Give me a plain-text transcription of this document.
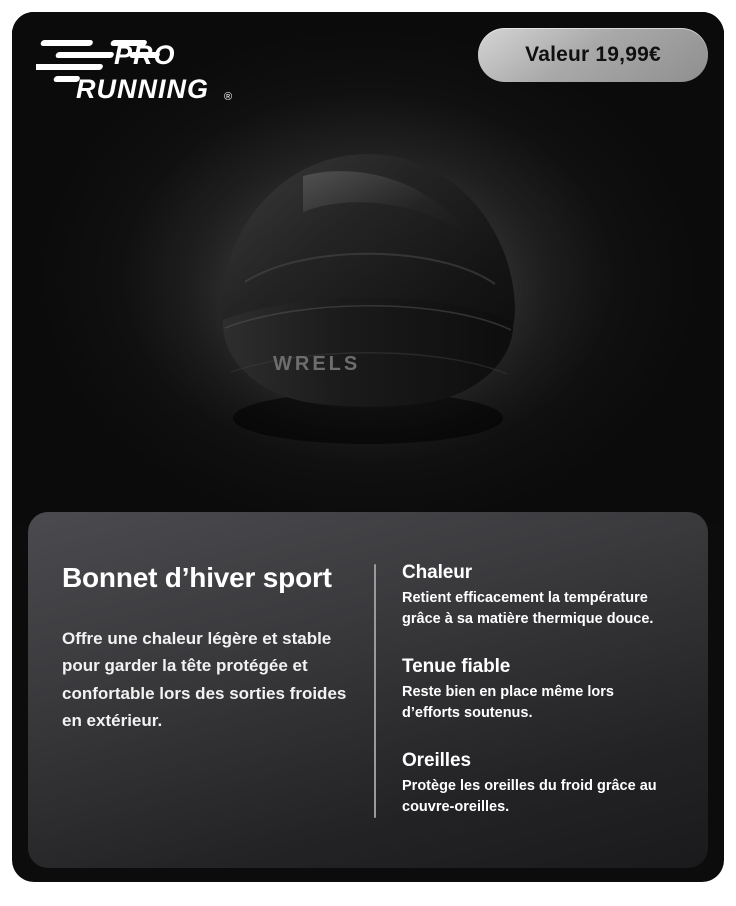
PRO
RUNNING ®
Valeur 19,99€
WRELS
Bonnet d’hiver sport

Offre une chaleur légère et stable pour garder la tête protégée et confortable lors des sorties froides en extérieur.

Chaleur

Retient efficacement la température grâce à sa matière thermique douce.

Tenue fiable

Reste bien en place même lors d’efforts soutenus.

Oreilles

Protège les oreilles du froid grâce au couvre-oreilles.
